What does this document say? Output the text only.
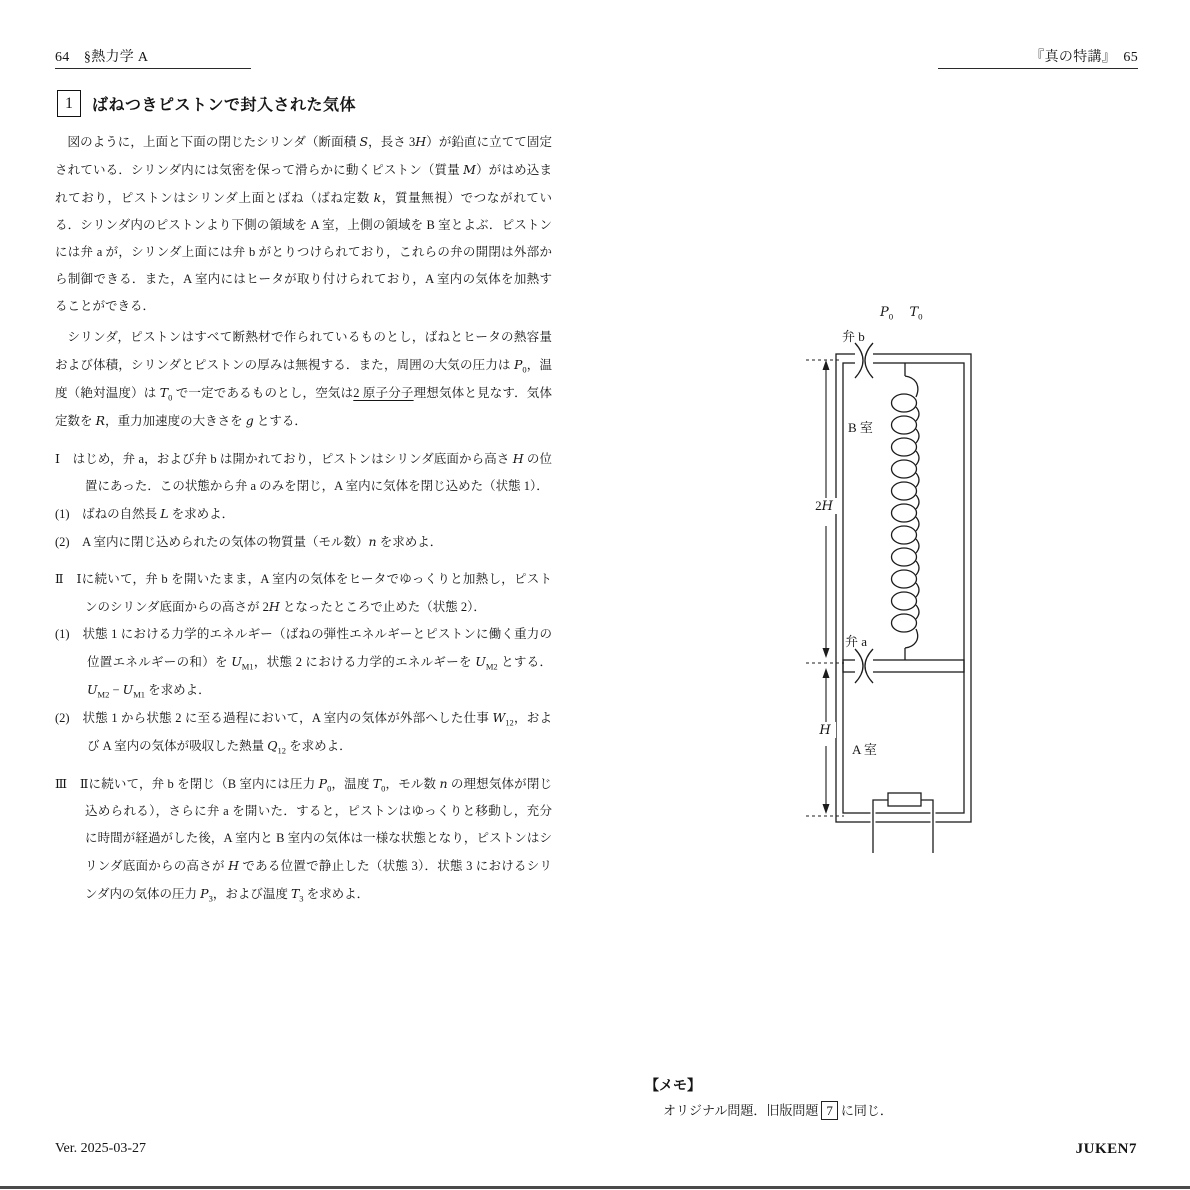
64　§熱力学 A	『真の特講』　65
1	ばねつきピストンで封入された気体

図のように，上面と下面の閉じたシリンダ（断面積 S，長さ 3H）が鉛直に立てて固定されている．シリンダ内には気密を保って滑らかに動くピストン（質量 M）がはめ込まれており，ピストンはシリンダ上面とばね（ばね定数 k，質量無視）でつながれている．シリンダ内のピストンより下側の領域を A 室，上側の領域を B 室とよぶ．ピストンには弁 a が，シリンダ上面には弁 b がとりつけられており，これらの弁の開閉は外部から制御できる．また，A 室内にはヒータが取り付けられており，A 室内の気体を加熱することができる．

シリンダ，ピストンはすべて断熱材で作られているものとし，ばねとヒータの熱容量および体積，シリンダとピストンの厚みは無視する．また，周囲の大気の圧力は $P_0$，温度（絶対温度）は $T_0$ で一定であるものとし，空気は2 原子分子理想気体と見なす．気体定数を R，重力加速度の大きさを g とする．

Ⅰ　はじめ，弁 a，および弁 b は開かれており，ピストンはシリンダ底面から高さ H の位置にあった．この状態から弁 a のみを閉じ，A 室内に気体を閉じ込めた（状態 1）．

(1)　ばねの自然長 L を求めよ．

(2)　A 室内に閉じ込められたの気体の物質量（モル数）n を求めよ．

Ⅱ　Ⅰに続いて，弁 b を開いたまま，A 室内の気体をヒータでゆっくりと加熱し，ピストンのシリンダ底面からの高さが 2H となったところで止めた（状態 2）．

(1)　状態 1 における力学的エネルギー（ばねの弾性エネルギーとピストンに働く重力の位置エネルギーの和）を $U_{M1}$，状態 2 における力学的エネルギーを $U_{M2}$ とする．$U_{M2} - U_{M1}$ を求めよ．

(2)　状態 1 から状態 2 に至る過程において，A 室内の気体が外部へした仕事 $W_{12}$，および A 室内の気体が吸収した熱量 $Q_{12}$ を求めよ．

Ⅲ　Ⅱに続いて，弁 b を閉じ（B 室内には圧力 $P_0$，温度 $T_0$，モル数 n の理想気体が閉じ込められる），さらに弁 a を開いた．すると，ピストンはゆっくりと移動し，充分に時間が経過がした後，A 室内と B 室内の気体は一様な状態となり，ピストンはシリンダ底面からの高さが H である位置で静止した（状態 3）．状態 3 におけるシリンダ内の気体の圧力 $P_3$，および温度 $T_3$ を求めよ．

$P_0$　 $T_0$
弁 b
B 室
2H
弁 a
H
A 室
【メモ】
オリジナル問題．旧版問題 7 に同じ．
Ver. 2025-03-27	JUKEN7
